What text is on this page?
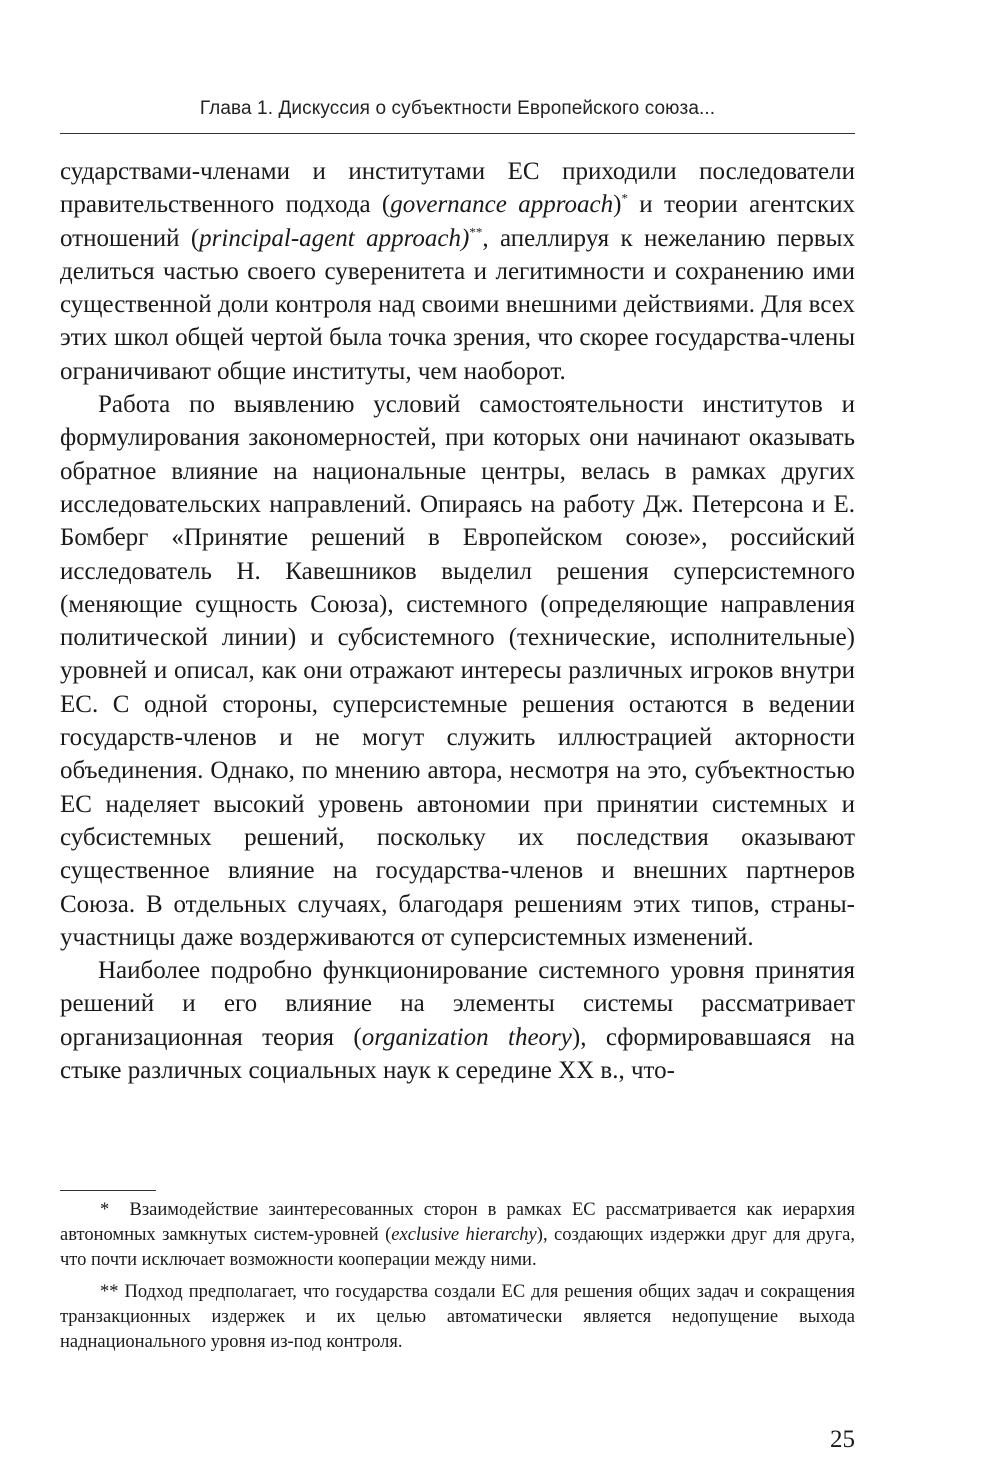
Глава 1. Дискуссия о субъектности Европейского союза...

сударствами-членами и институтами ЕС приходили последователи правительственного подхода (governance approach)* и теории агентских отношений (principal-agent approach)**, апеллируя к нежеланию первых делиться частью своего суверенитета и легитимности и сохранению ими существенной доли контроля над своими внешними действиями. Для всех этих школ общей чертой была точка зрения, что скорее государства-члены ограничивают общие институты, чем наоборот.

Работа по выявлению условий самостоятельности институтов и формулирования закономерностей, при которых они начинают оказывать обратное влияние на национальные центры, велась в рамках других исследовательских направлений. Опираясь на работу Дж. Петерсона и Е. Бомберг «Принятие решений в Европейском союзе», российский исследователь Н. Кавешников выделил решения суперсистемного (меняющие сущность Союза), системного (определяющие направления политической линии) и субсистемного (технические, исполнительные) уровней и описал, как они отражают интересы различных игроков внутри ЕС. С одной стороны, суперсистемные решения остаются в ведении государств-членов и не могут служить иллюстрацией акторности объединения. Однако, по мнению автора, несмотря на это, субъектностью ЕС наделяет высокий уровень автономии при принятии системных и субсистемных решений, поскольку их последствия оказывают существенное влияние на государства-членов и внешних партнеров Союза. В отдельных случаях, благодаря решениям этих типов, страны-участницы даже воздерживаются от суперсистемных изменений.

Наиболее подробно функционирование системного уровня принятия решений и его влияние на элементы системы рассматривает организационная теория (organization theory), сформировавшаяся на стыке различных социальных наук к середине XX в., что-

* Взаимодействие заинтересованных сторон в рамках ЕС рассматривается как иерархия автономных замкнутых систем-уровней (exclusive hierarchy), создающих издержки друг для друга, что почти исключает возможности кооперации между ними.

** Подход предполагает, что государства создали ЕС для решения общих задач и сокращения транзакционных издержек и их целью автоматически является недопущение выхода наднационального уровня из-под контроля.

25
